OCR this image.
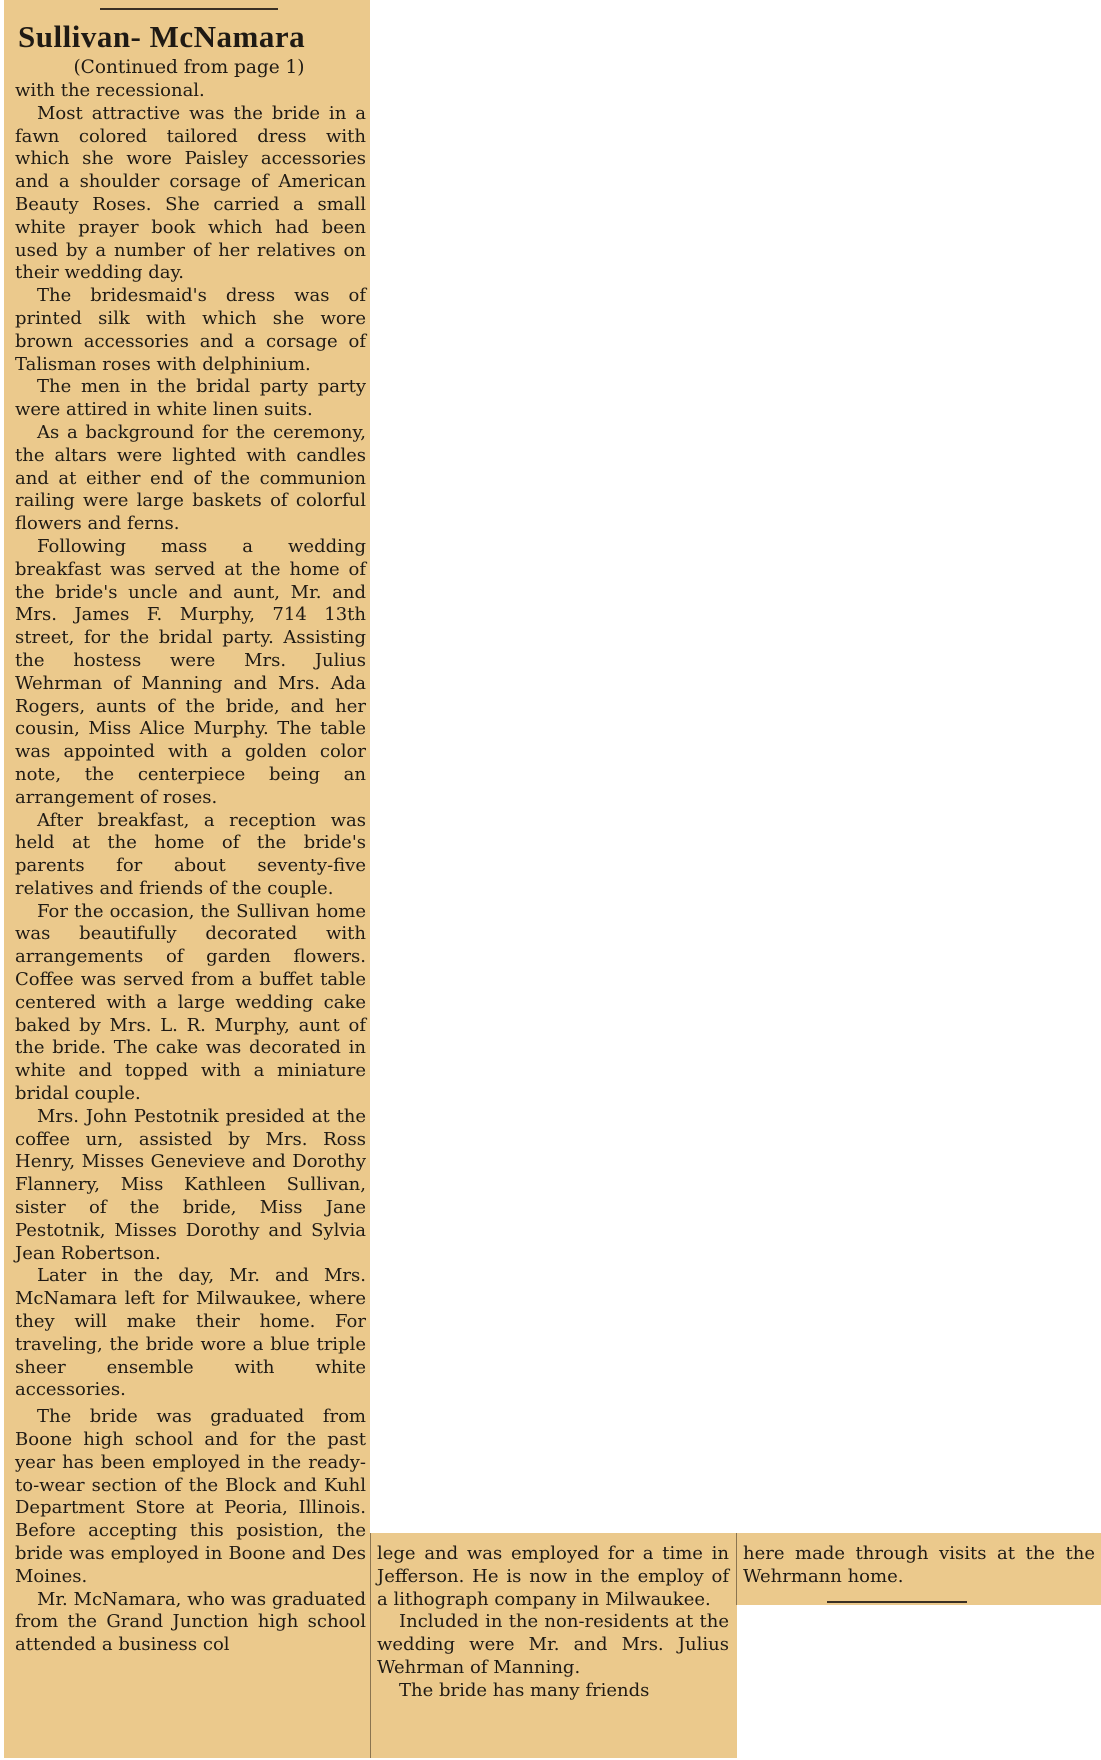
Sullivan- McNamara

(Continued from page 1)

with the recessional.

Most attractive was the bride in a fawn colored tailored dress with which she wore Paisley accessories and a shoulder corsage of American Beauty Roses. She carried a small white prayer book which had been used by a number of her relatives on their wedding day.

The bridesmaid's dress was of printed silk with which she wore brown accessories and a corsage of Talisman roses with delphinium.

The men in the bridal party party were attired in white linen suits.

As a background for the ceremony, the altars were lighted with candles and at either end of the communion railing were large baskets of colorful flowers and ferns.

Following mass a wedding breakfast was served at the home of the bride's uncle and aunt, Mr. and Mrs. James F. Murphy, 714 13th street, for the bridal party. Assisting the hostess were Mrs. Julius Wehrman of Manning and Mrs. Ada Rogers, aunts of the bride, and her cousin, Miss Alice Murphy. The table was appointed with a golden color note, the centerpiece being an arrangement of roses.

After breakfast, a reception was held at the home of the bride's parents for about seventy-five relatives and friends of the couple.

For the occasion, the Sullivan home was beautifully decorated with arrangements of garden flowers. Coffee was served from a buffet table centered with a large wedding cake baked by Mrs. L. R. Murphy, aunt of the bride. The cake was decorated in white and topped with a miniature bridal couple.

Mrs. John Pestotnik presided at the coffee urn, assisted by Mrs. Ross Henry, Misses Genevieve and Dorothy Flannery, Miss Kathleen Sullivan, sister of the bride, Miss Jane Pestotnik, Misses Dorothy and Sylvia Jean Robertson.

Later in the day, Mr. and Mrs. McNamara left for Milwaukee, where they will make their home. For traveling, the bride wore a blue triple sheer ensemble with white accessories.

The bride was graduated from Boone high school and for the past year has been employed in the ready-to-wear section of the Block and Kuhl Department Store at Peoria, Illinois. Before accepting this posistion, the bride was employed in Boone and Des Moines.

Mr. McNamara, who was graduated from the Grand Junction high school attended a business col

lege and was employed for a time in Jefferson. He is now in the employ of a lithograph company in Milwaukee.

Included in the non-residents at the wedding were Mr. and Mrs. Julius Wehrman of Manning.

The bride has many friends

here made through visits at the the Wehrmann home.
